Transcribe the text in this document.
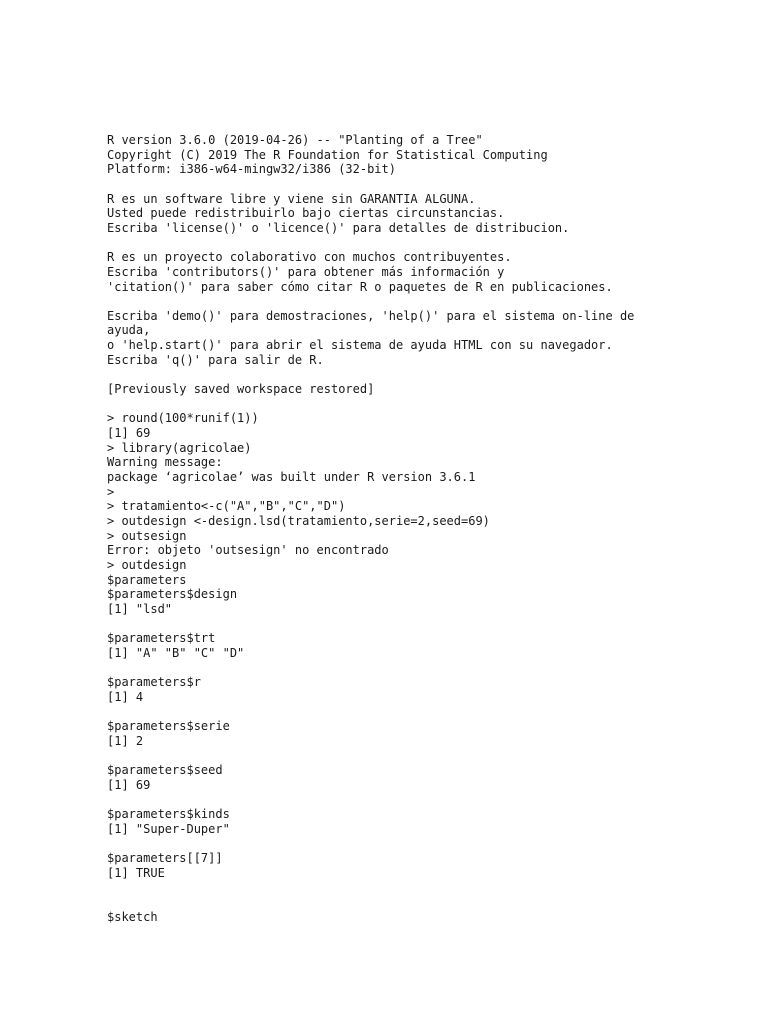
R version 3.6.0 (2019-04-26) -- "Planting of a Tree"
Copyright (C) 2019 The R Foundation for Statistical Computing
Platform: i386-w64-mingw32/i386 (32-bit)
R es un software libre y viene sin GARANTIA ALGUNA.
Usted puede redistribuirlo bajo ciertas circunstancias.
Escriba 'license()' o 'licence()' para detalles de distribucion.
R es un proyecto colaborativo con muchos contribuyentes.
Escriba 'contributors()' para obtener más información y
'citation()' para saber cómo citar R o paquetes de R en publicaciones.
Escriba 'demo()' para demostraciones, 'help()' para el sistema on-line de
ayuda,
o 'help.start()' para abrir el sistema de ayuda HTML con su navegador.
Escriba 'q()' para salir de R.
[Previously saved workspace restored]
> round(100*runif(1))
[1] 69
> library(agricolae)
Warning message:
package ‘agricolae’ was built under R version 3.6.1
>
> tratamiento<-c("A","B","C","D")
> outdesign <-design.lsd(tratamiento,serie=2,seed=69)
> outsesign
Error: objeto 'outsesign' no encontrado
> outdesign
$parameters
$parameters$design
[1] "lsd"
$parameters$trt
[1] "A" "B" "C" "D"
$parameters$r
[1] 4
$parameters$serie
[1] 2
$parameters$seed
[1] 69
$parameters$kinds
[1] "Super-Duper"
$parameters[[7]]
[1] TRUE
$sketch
